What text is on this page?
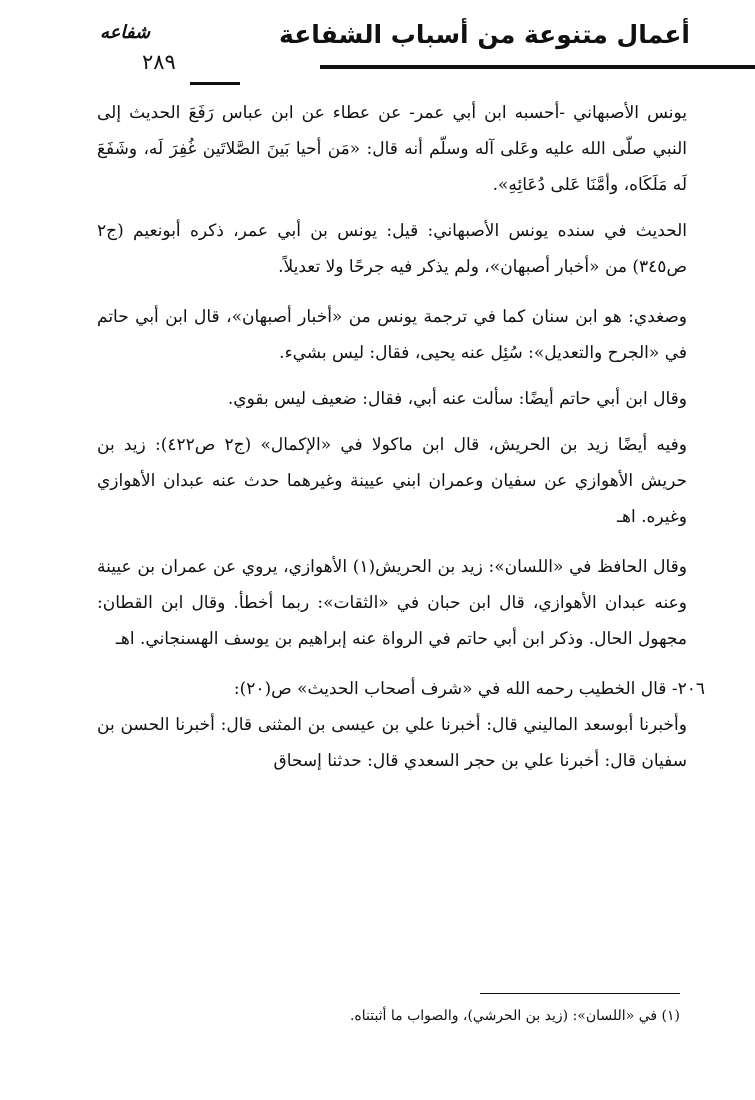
أعمال متنوعة من أسباب الشفاعة
شفاعه
٢٨٩

يونس الأصبهاني -أحسبه ابن أبي عمر- عن عطاء عن ابن عباس رَفَعَ الحديث إلى النبي صلّى الله عليه وعَلى آله وسلّم أنه قال: «مَن أحيا بَينَ الصَّلاتَين غُفِرَ لَه، وشَفَعَ لَه مَلَكَاه، وأمَّنَا عَلى دُعَائِهِ».

الحديث في سنده يونس الأصبهاني: قيل: يونس بن أبي عمر، ذكره أبونعيم (ج٢ ص٣٤٥) من «أخبار أصبهان»، ولم يذكر فيه جرحًا ولا تعديلاً.

وصغدي: هو ابن سنان كما في ترجمة يونس من «أخبار أصبهان»، قال ابن أبي حاتم في «الجرح والتعديل»: سُئِل عنه يحيى، فقال: ليس بشيء.

وقال ابن أبي حاتم أيضًا: سألت عنه أبي، فقال: ضعيف ليس بقوي.

وفيه أيضًا زيد بن الحريش، قال ابن ماكولا في «الإكمال» (ج٢ ص٤٢٢): زيد بن حريش الأهوازي عن سفيان وعمران ابني عيينة وغيرهما حدث عنه عبدان الأهوازي وغيره. اهـ

وقال الحافظ في «اللسان»: زيد بن الحريش(١) الأهوازي، يروي عن عمران بن عيينة وعنه عبدان الأهوازي، قال ابن حبان في «الثقات»: ربما أخطأ. وقال ابن القطان: مجهول الحال. وذكر ابن أبي حاتم في الرواة عنه إبراهيم بن يوسف الهسنجاني. اهـ

٢٠٦- قال الخطيب رحمه الله في «شرف أصحاب الحديث» ص(٢٠):

وأخبرنا أبوسعد الماليني قال: أخبرنا علي بن عيسى بن المثنى قال: أخبرنا الحسن بن سفيان قال: أخبرنا علي بن حجر السعدي قال: حدثنا إسحاق

(١) في «اللسان»: (زيد بن الحرشي)، والصواب ما أثبتناه.
